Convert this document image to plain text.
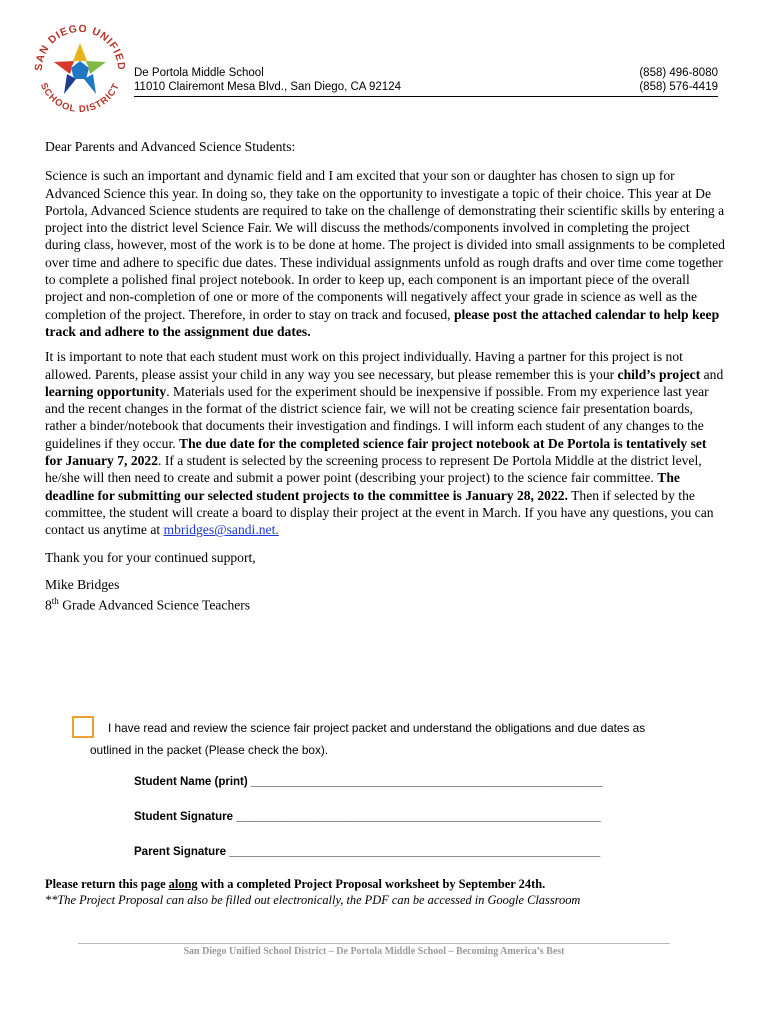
SAN DIEGO UNIFIED
SCHOOL DISTRICT
De Portola Middle School
11010 Clairemont Mesa Blvd., San Diego, CA 92124
(858) 496-8080
(858) 576-4419

Dear Parents and Advanced Science Students:

Science is such an important and dynamic field and I am excited that your son or daughter has chosen to sign up for Advanced Science this year. In doing so, they take on the opportunity to investigate a topic of their choice. This year at De Portola, Advanced Science students are required to take on the challenge of demonstrating their scientific skills by entering a project into the district level Science Fair. We will discuss the methods/components involved in completing the project during class, however, most of the work is to be done at home. The project is divided into small assignments to be completed over time and adhere to specific due dates. These individual assignments unfold as rough drafts and over time come together to complete a polished final project notebook. In order to keep up, each component is an important piece of the overall project and non-completion of one or more of the components will negatively affect your grade in science as well as the completion of the project. Therefore, in order to stay on track and focused, please post the attached calendar to help keep track and adhere to the assignment due dates.

It is important to note that each student must work on this project individually. Having a partner for this project is not allowed. Parents, please assist your child in any way you see necessary, but please remember this is your child’s project and learning opportunity. Materials used for the experiment should be inexpensive if possible. From my experience last year and the recent changes in the format of the district science fair, we will not be creating science fair presentation boards, rather a binder/notebook that documents their investigation and findings. I will inform each student of any changes to the guidelines if they occur. The due date for the completed science fair project notebook at De Portola is tentatively set for January 7, 2022. If a student is selected by the screening process to represent De Portola Middle at the district level, he/she will then need to create and submit a power point (describing your project) to the science fair committee. The deadline for submitting our selected student projects to the committee is January 28, 2022. Then if selected by the committee, the student will create a board to display their project at the event in March. If you have any questions, you can contact us anytime at mbridges@sandi.net.

Thank you for your continued support,

Mike Bridges

8th Grade Advanced Science Teachers

I have read and review the science fair project packet and understand the obligations and due dates as
outlined in the packet (Please check the box).
Student Name (print) _______________________________________________________
Student Signature _________________________________________________________
Parent Signature __________________________________________________________
Please return this page along with a completed Project Proposal worksheet by September 24th.
**The Project Proposal can also be filled out electronically, the PDF can be accessed in Google Classroom
San Diego Unified School District – De Portola Middle School – Becoming America’s Best
